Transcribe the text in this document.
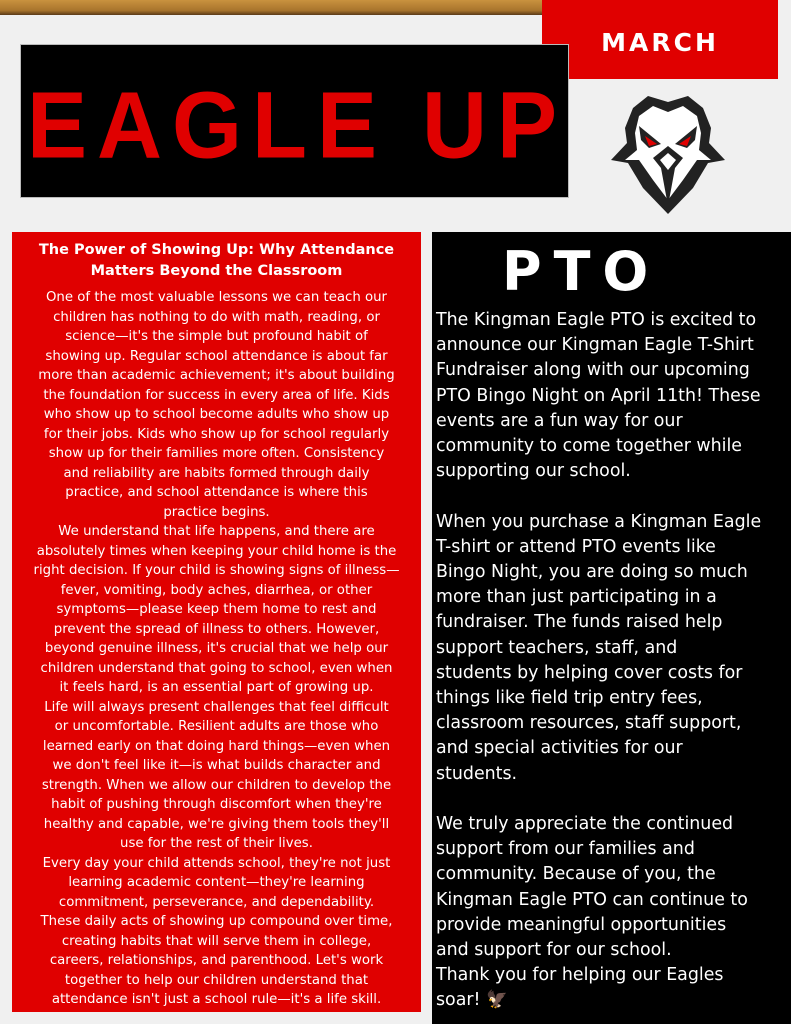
MARCH
EAGLE UP
The Power of Showing Up: Why Attendance
Matters Beyond the Classroom
One of the most valuable lessons we can teach our
children has nothing to do with math, reading, or
science—it's the simple but profound habit of
showing up. Regular school attendance is about far
more than academic achievement; it's about building
the foundation for success in every area of life. Kids
who show up to school become adults who show up
for their jobs. Kids who show up for school regularly
show up for their families more often. Consistency
and reliability are habits formed through daily
practice, and school attendance is where this
practice begins.
We understand that life happens, and there are
absolutely times when keeping your child home is the
right decision. If your child is showing signs of illness—
fever, vomiting, body aches, diarrhea, or other
symptoms—please keep them home to rest and
prevent the spread of illness to others. However,
beyond genuine illness, it's crucial that we help our
children understand that going to school, even when
it feels hard, is an essential part of growing up.
Life will always present challenges that feel difficult
or uncomfortable. Resilient adults are those who
learned early on that doing hard things—even when
we don't feel like it—is what builds character and
strength. When we allow our children to develop the
habit of pushing through discomfort when they're
healthy and capable, we're giving them tools they'll
use for the rest of their lives.
Every day your child attends school, they're not just
learning academic content—they're learning
commitment, perseverance, and dependability.
These daily acts of showing up compound over time,
creating habits that will serve them in college,
careers, relationships, and parenthood. Let's work
together to help our children understand that
attendance isn't just a school rule—it's a life skill.
PTO
The Kingman Eagle PTO is excited to
announce our Kingman Eagle T-Shirt
Fundraiser along with our upcoming
PTO Bingo Night on April 11th! These
events are a fun way for our
community to come together while
supporting our school.

When you purchase a Kingman Eagle
T-shirt or attend PTO events like
Bingo Night, you are doing so much
more than just participating in a
fundraiser. The funds raised help
support teachers, staff, and
students by helping cover costs for
things like field trip entry fees,
classroom resources, staff support,
and special activities for our
students.

We truly appreciate the continued
support from our families and
community. Because of you, the
Kingman Eagle PTO can continue to
provide meaningful opportunities
and support for our school.
Thank you for helping our Eagles
soar! 🦅
